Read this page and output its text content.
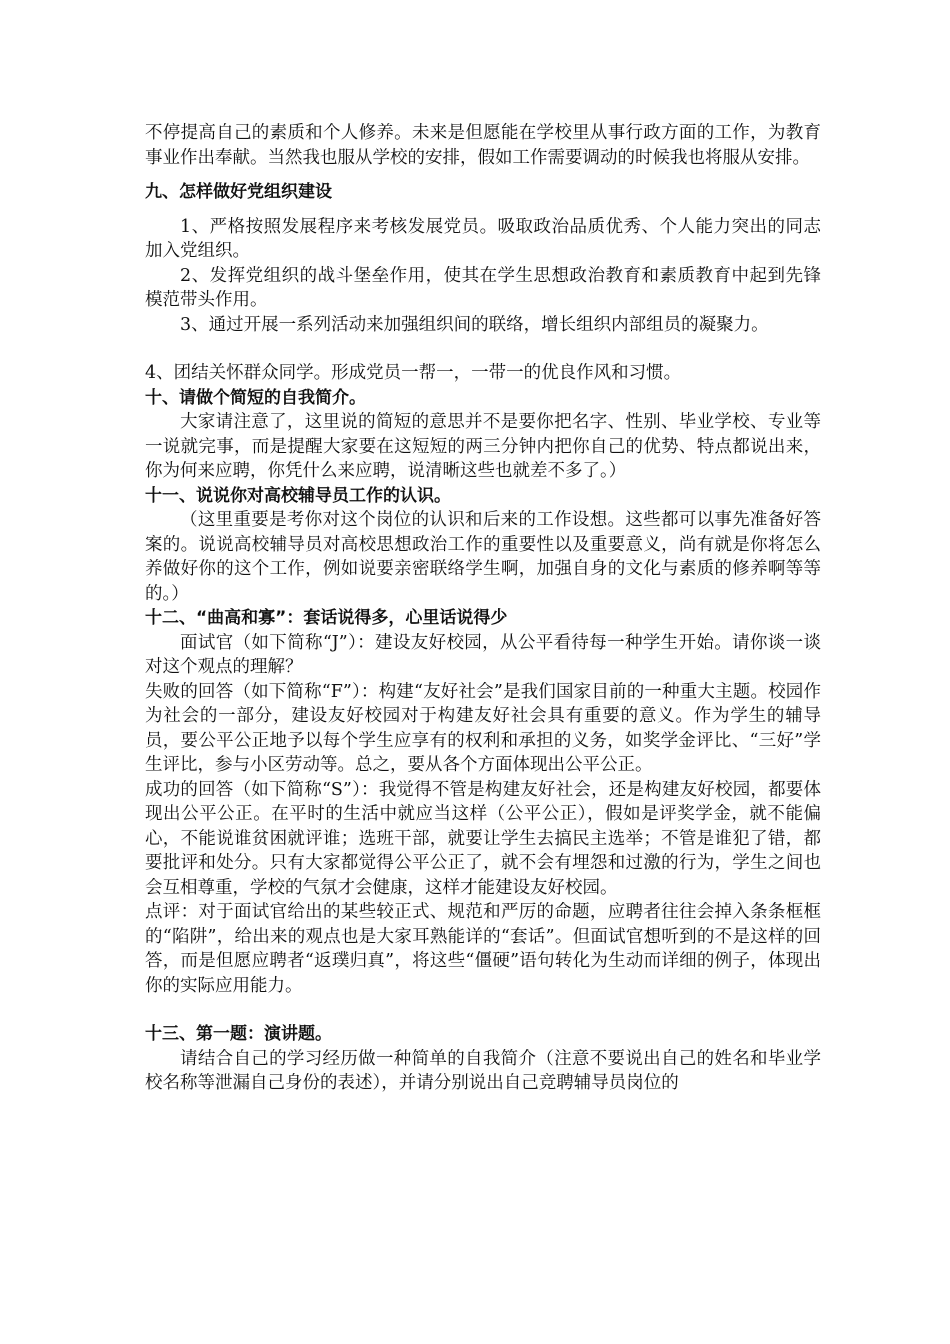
不停提高自己的素质和个人修养。未来是但愿能在学校里从事行政方面的工作，为教育事业作出奉献。当然我也服从学校的安排，假如工作需要调动的时候我也将服从安排。

九、怎样做好党组织建设

1、严格按照发展程序来考核发展党员。吸取政治品质优秀、个人能力突出的同志加入党组织。

2、发挥党组织的战斗堡垒作用，使其在学生思想政治教育和素质教育中起到先锋模范带头作用。

3、通过开展一系列活动来加强组织间的联络，增长组织内部组员的凝聚力。

4、团结关怀群众同学。形成党员一帮一，一带一的优良作风和习惯。

十、请做个简短的自我简介。

大家请注意了，这里说的简短的意思并不是要你把名字、性别、毕业学校、专业等一说就完事，而是提醒大家要在这短短的两三分钟内把你自己的优势、特点都说出来，你为何来应聘，你凭什么来应聘，说清晰这些也就差不多了。）

十一、说说你对高校辅导员工作的认识。

（这里重要是考你对这个岗位的认识和后来的工作设想。这些都可以事先准备好答案的。说说高校辅导员对高校思想政治工作的重要性以及重要意义，尚有就是你将怎么养做好你的这个工作，例如说要亲密联络学生啊，加强自身的文化与素质的修养啊等等的。）

十二、“曲高和寡”：套话说得多，心里话说得少

面试官（如下简称“J”）：建设友好校园，从公平看待每一种学生开始。请你谈一谈对这个观点的理解？

失败的回答（如下简称“F”）：构建“友好社会”是我们国家目前的一种重大主题。校园作为社会的一部分，建设友好校园对于构建友好社会具有重要的意义。作为学生的辅导员，要公平公正地予以每个学生应享有的权利和承担的义务，如奖学金评比、“三好”学生评比，参与小区劳动等。总之，要从各个方面体现出公平公正。

成功的回答（如下简称“S”）：我觉得不管是构建友好社会，还是构建友好校园，都要体现出公平公正。在平时的生活中就应当这样（公平公正），假如是评奖学金，就不能偏心，不能说谁贫困就评谁；选班干部，就要让学生去搞民主选举；不管是谁犯了错，都要批评和处分。只有大家都觉得公平公正了，就不会有埋怨和过激的行为，学生之间也会互相尊重，学校的气氛才会健康，这样才能建设友好校园。

点评：对于面试官给出的某些较正式、规范和严厉的命题，应聘者往往会掉入条条框框的“陷阱”，给出来的观点也是大家耳熟能详的“套话”。但面试官想听到的不是这样的回答，而是但愿应聘者“返璞归真”，将这些“僵硬”语句转化为生动而详细的例子，体现出你的实际应用能力。

十三、第一题：演讲题。

请结合自己的学习经历做一种简单的自我简介（注意不要说出自己的姓名和毕业学校名称等泄漏自己身份的表述），并请分别说出自己竞聘辅导员岗位的
